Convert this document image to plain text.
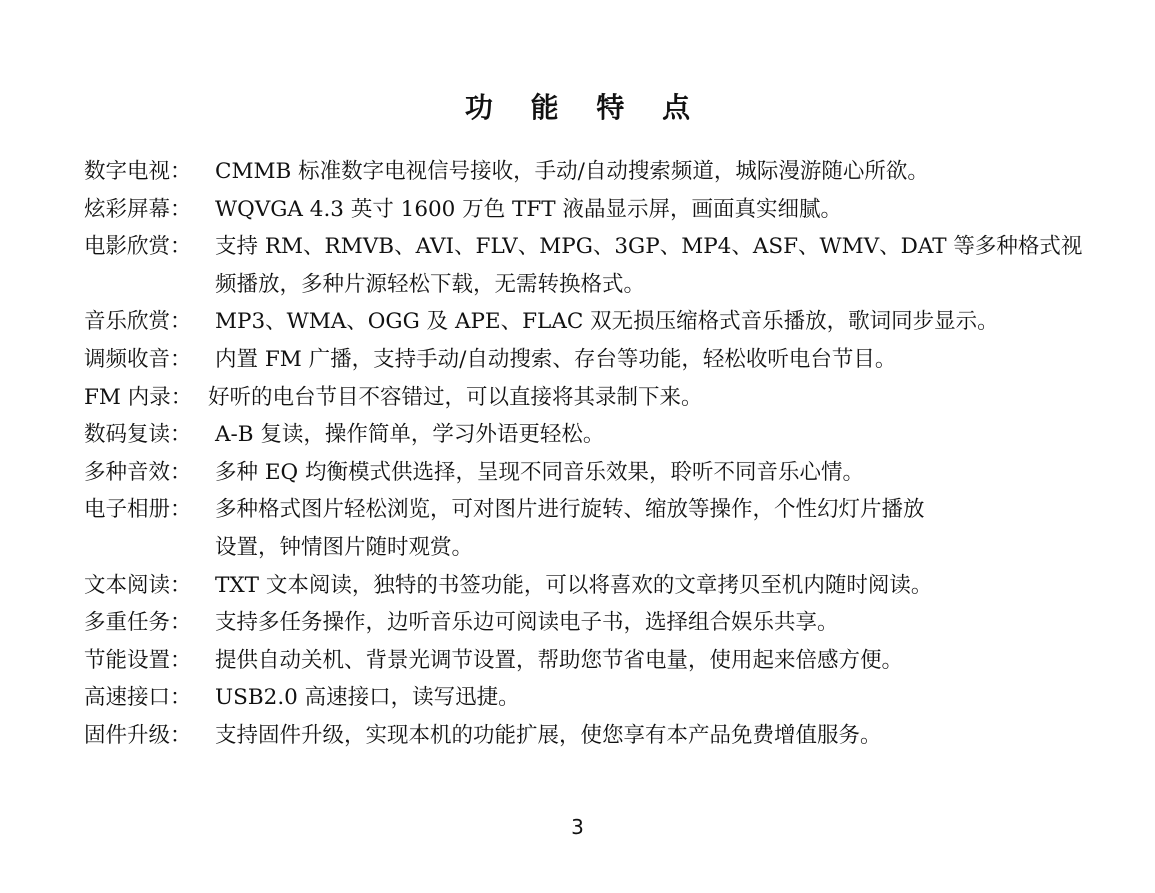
功 能 特 点
数字电视：	CMMB 标准数字电视信号接收，手动/自动搜索频道，城际漫游随心所欲。
炫彩屏幕：	WQVGA 4.3 英寸 1600 万色 TFT 液晶显示屏，画面真实细腻。
电影欣赏：	支持 RM、RMVB、AVI、FLV、MPG、3GP、MP4、ASF、WMV、DAT 等多种格式视
频播放，多种片源轻松下载，无需转换格式。
音乐欣赏：	MP3、WMA、OGG 及 APE、FLAC 双无损压缩格式音乐播放，歌词同步显示。
调频收音：	内置 FM 广播，支持手动/自动搜索、存台等功能，轻松收听电台节目。
FM 内录： 好听的电台节目不容错过，可以直接将其录制下来。
数码复读：	A-B 复读，操作简单，学习外语更轻松。
多种音效：	多种 EQ 均衡模式供选择，呈现不同音乐效果，聆听不同音乐心情。
电子相册：	多种格式图片轻松浏览，可对图片进行旋转、缩放等操作，个性幻灯片播放
设置，钟情图片随时观赏。
文本阅读：	TXT 文本阅读，独特的书签功能，可以将喜欢的文章拷贝至机内随时阅读。
多重任务：	支持多任务操作，边听音乐边可阅读电子书，选择组合娱乐共享。
节能设置：	提供自动关机、背景光调节设置，帮助您节省电量，使用起来倍感方便。
高速接口：	USB2.0 高速接口，读写迅捷。
固件升级：	支持固件升级，实现本机的功能扩展，使您享有本产品免费增值服务。
3
